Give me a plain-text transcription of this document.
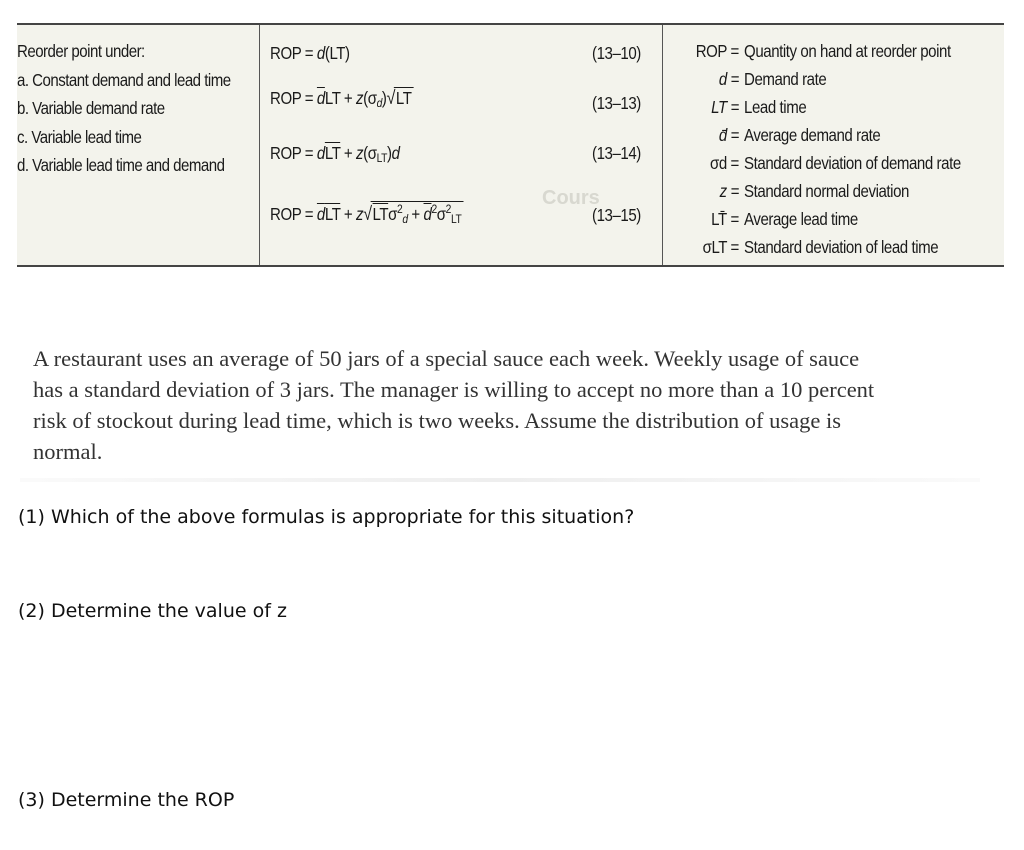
Reorder point under:
a. Constant demand and lead time
b. Variable demand rate
c. Variable lead time
d. Variable lead time and demand
ROP = d(LT)
ROP = $\overline{d}LT + z(\sigma_d)√LT$
ROP = $d\overline{LT} + z(\sigma_{LT})d$
ROP = $\overline{d}\overline{LT} + z√LT\sigma^2_d + \overline{d}^2\sigma^2_{LT}$
(13–10)
(13–13)
(13–14)
(13–15)
Cours
ROP = Quantity on hand at reorder point
d = Demand rate
LT = Lead time
d̄ = Average demand rate
σd = Standard deviation of demand rate
z = Standard normal deviation
LT̄ = Average lead time
σLT = Standard deviation of lead time
A restaurant uses an average of 50 jars of a special sauce each week. Weekly usage of sauce
has a standard deviation of 3 jars. The manager is willing to accept no more than a 10 percent
risk of stockout during lead time, which is two weeks. Assume the distribution of usage is
normal.
(1) Which of the above formulas is appropriate for this situation?
(2) Determine the value of z
(3) Determine the ROP
